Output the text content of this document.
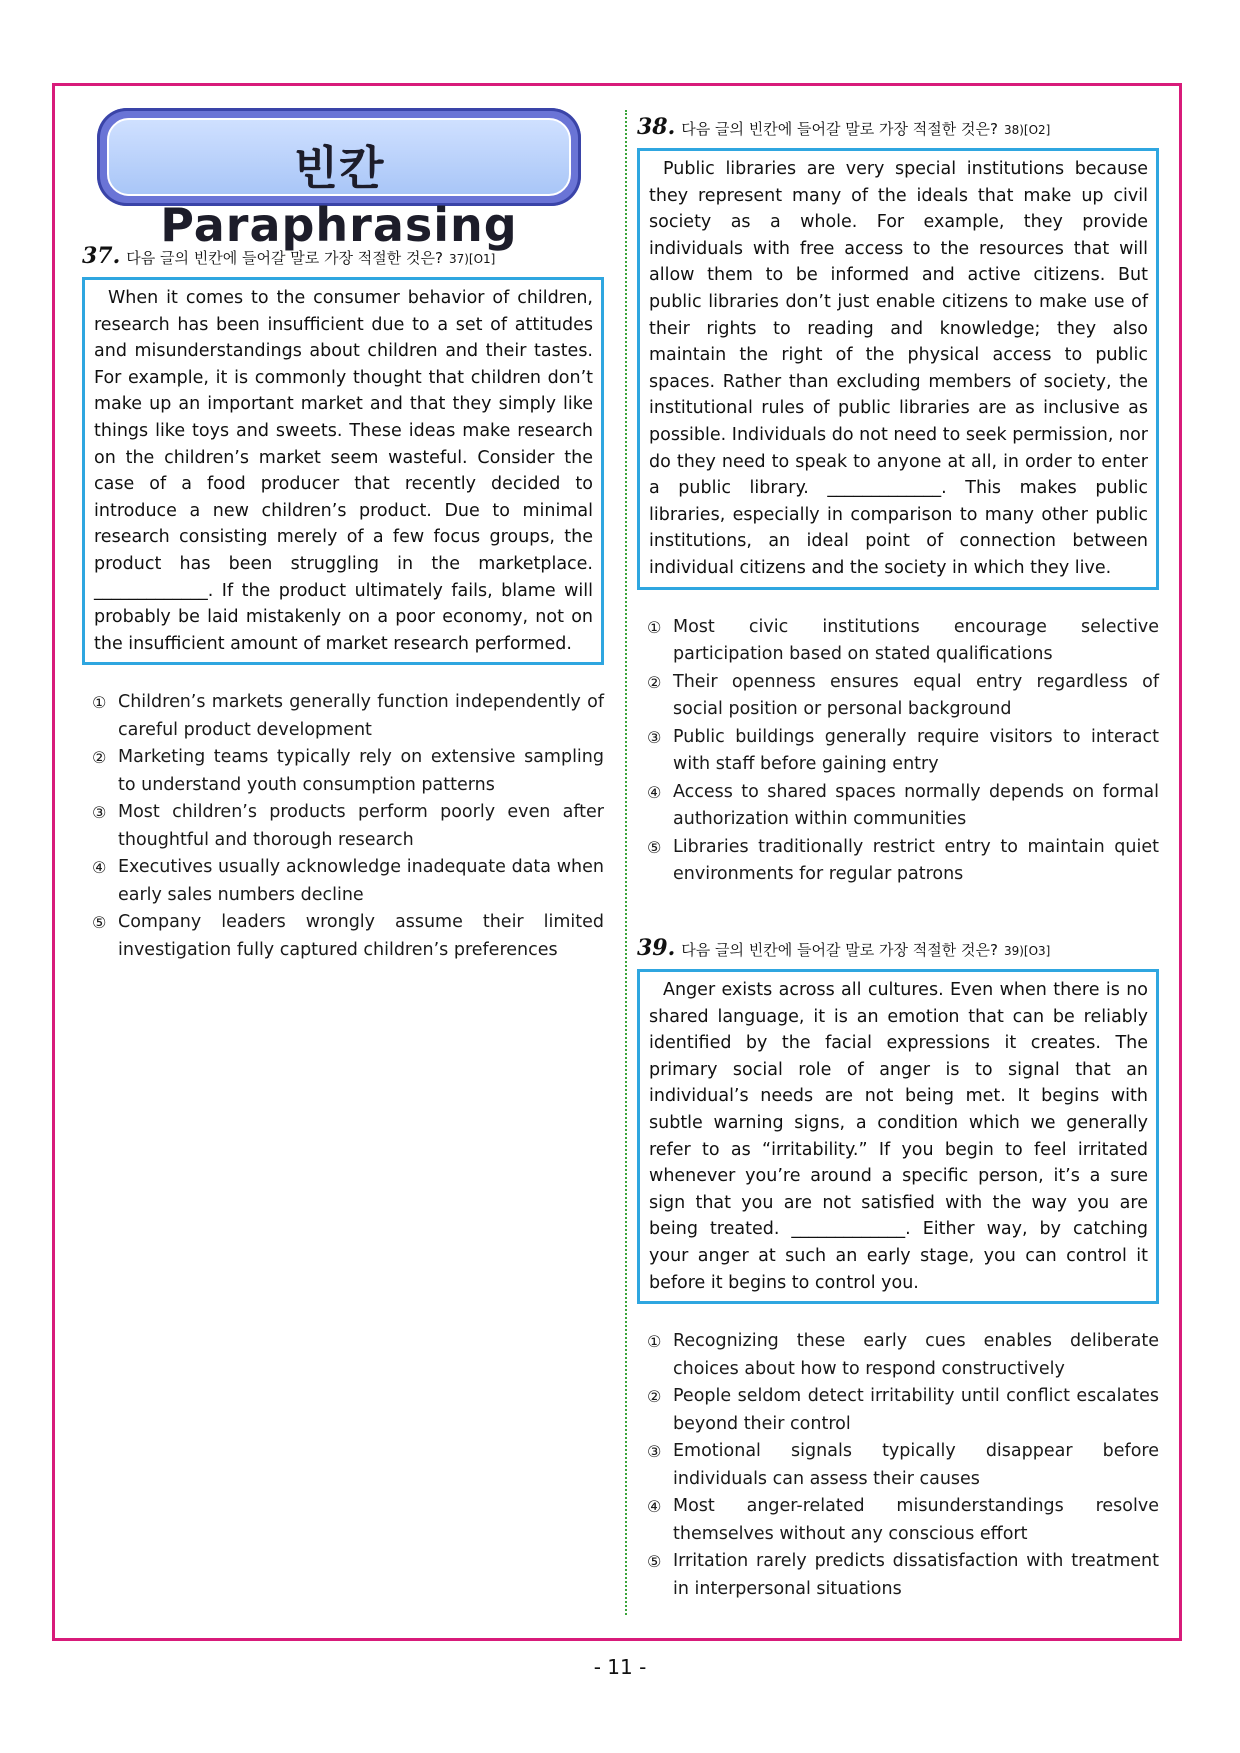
빈칸 Paraphrasing
37. 다음 글의 빈칸에 들어갈 말로 가장 적절한 것은? 37)[O1]
When it comes to the consumer behavior of children, research has been insufficient due to a set of attitudes and misunderstandings about children and their tastes. For example, it is commonly thought that children don’t make up an important market and that they simply like things like toys and sweets. These ideas make research on the children’s market seem wasteful. Consider the case of a food producer that recently decided to introduce a new children’s product. Due to minimal research consisting merely of a few focus groups, the product has been struggling in the marketplace. _____________. If the product ultimately fails, blame will probably be laid mistakenly on a poor economy, not on the insufficient amount of market research performed.
① Children’s markets generally function independently of careful product development
② Marketing teams typically rely on extensive sampling to understand youth consumption patterns
③ Most children’s products perform poorly even after thoughtful and thorough research
④ Executives usually acknowledge inadequate data when early sales numbers decline
⑤ Company leaders wrongly assume their limited investigation fully captured children’s preferences
38. 다음 글의 빈칸에 들어갈 말로 가장 적절한 것은? 38)[O2]
Public libraries are very special institutions because they represent many of the ideals that make up civil society as a whole. For example, they provide individuals with free access to the resources that will allow them to be informed and active citizens. But public libraries don’t just enable citizens to make use of their rights to reading and knowledge; they also maintain the right of the physical access to public spaces. Rather than excluding members of society, the institutional rules of public libraries are as inclusive as possible. Individuals do not need to seek permission, nor do they need to speak to anyone at all, in order to enter a public library. _____________. This makes public libraries, especially in comparison to many other public institutions, an ideal point of connection between individual citizens and the society in which they live.
① Most civic institutions encourage selective participation based on stated qualifications
② Their openness ensures equal entry regardless of social position or personal background
③ Public buildings generally require visitors to interact with staff before gaining entry
④ Access to shared spaces normally depends on formal authorization within communities
⑤ Libraries traditionally restrict entry to maintain quiet environments for regular patrons
39. 다음 글의 빈칸에 들어갈 말로 가장 적절한 것은? 39)[O3]
Anger exists across all cultures. Even when there is no shared language, it is an emotion that can be reliably identified by the facial expressions it creates. The primary social role of anger is to signal that an individual’s needs are not being met. It begins with subtle warning signs, a condition which we generally refer to as “irritability.” If you begin to feel irritated whenever you’re around a specific person, it’s a sure sign that you are not satisfied with the way you are being treated. _____________. Either way, by catching your anger at such an early stage, you can control it before it begins to control you.
① Recognizing these early cues enables deliberate choices about how to respond constructively
② People seldom detect irritability until conflict escalates beyond their control
③ Emotional signals typically disappear before individuals can assess their causes
④ Most anger-related misunderstandings resolve themselves without any conscious effort
⑤ Irritation rarely predicts dissatisfaction with treatment in interpersonal situations
- 11 -
